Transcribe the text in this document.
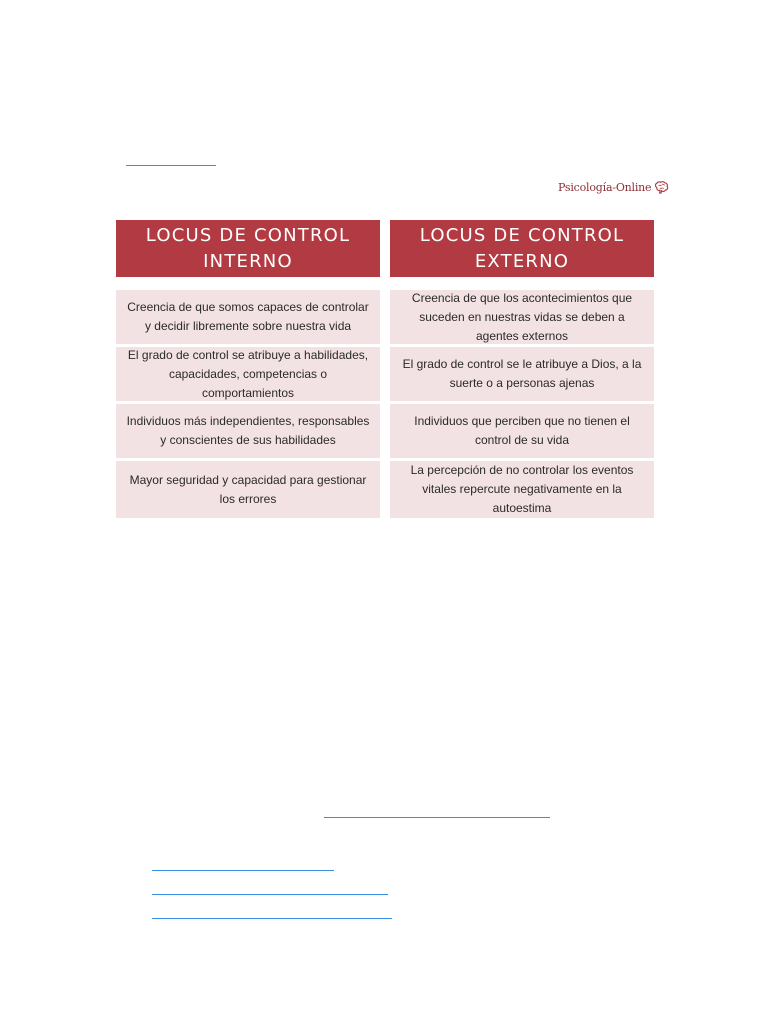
Psicología-Online
LOCUS DE CONTROL
INTERNO
LOCUS DE CONTROL
EXTERNO
Creencia de que somos capaces de controlar y decidir libremente sobre nuestra vida
El grado de control se atribuye a habilidades, capacidades, competencias o comportamientos
Individuos más independientes, responsables y conscientes de sus habilidades
Mayor seguridad y capacidad para gestionar los errores
Creencia de que los acontecimientos que suceden en nuestras vidas se deben a agentes externos
El grado de control se le atribuye a Dios, a la suerte o a personas ajenas
Individuos que perciben que no tienen el control de su vida
La percepción de no controlar los eventos vitales repercute negativamente en la autoestima
